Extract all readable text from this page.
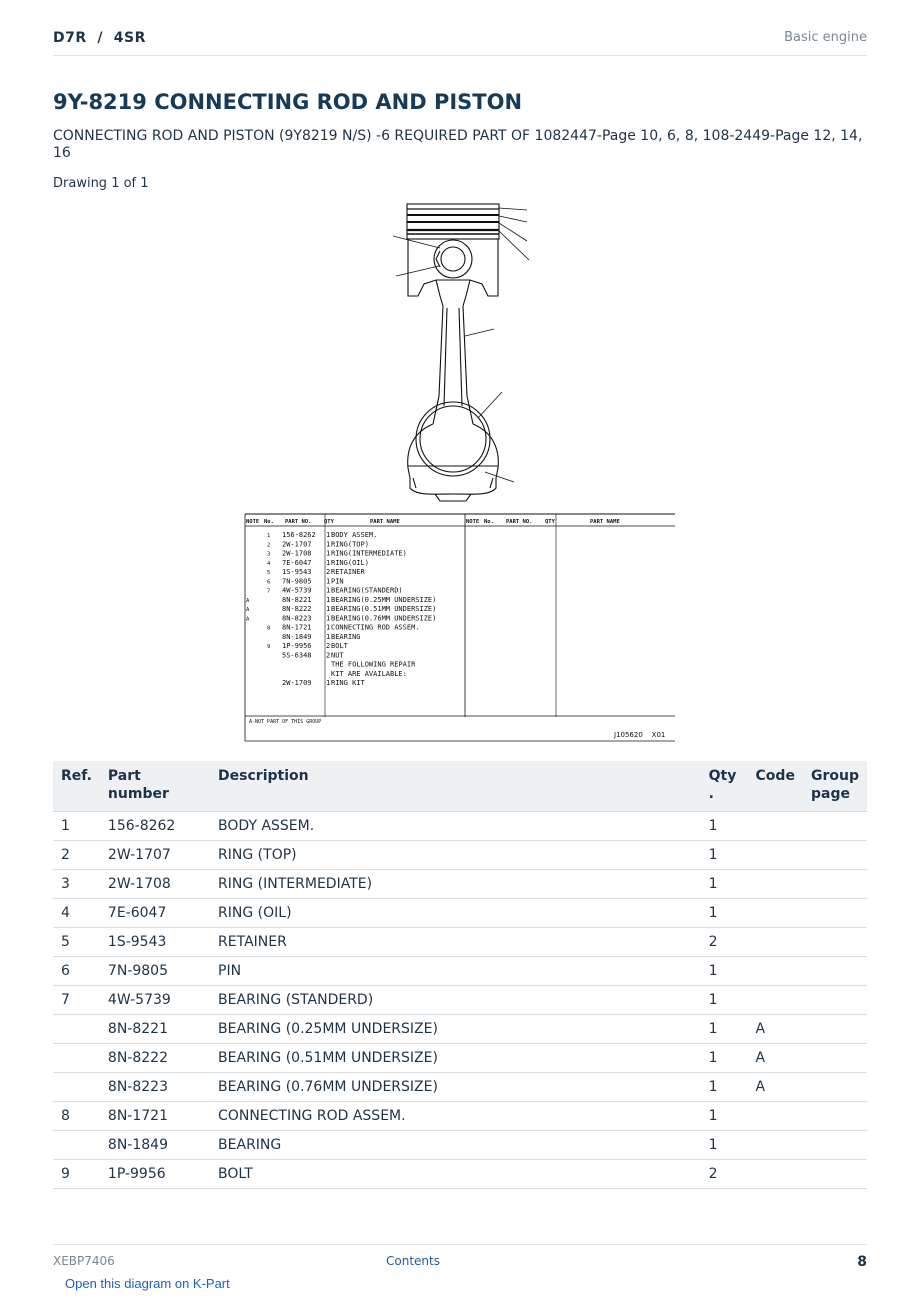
D7R  /  4SR	Basic engine
9Y-8219 CONNECTING ROD AND PISTON

CONNECTING ROD AND PISTON (9Y8219 N/S) -6 REQUIRED PART OF 1082447-Page 10, 6, 8, 108-2449-Page 12, 14, 16

Drawing 1 of 1
NOTE No. PART NO. QTY	PART NAME	NOTE No. PART NO. QTY	PART NAME
1 156-8262 1 BODY ASSEM.
2 2W-1707 1 RING(TOP)
3 2W-1708 1 RING(INTERMEDIATE)
4 7E-6047 1 RING(OIL)
5 1S-9543 2 RETAINER
6 7N-9805 1 PIN
7 4W-5739 1 BEARING(STANDERD)
A	8N-8221 1 BEARING(0.25MM UNDERSIZE)
A	8N-8222 1 BEARING(0.51MM UNDERSIZE)
A	8N-8223 1 BEARING(0.76MM UNDERSIZE)
8 8N-1721 1 CONNECTING ROD ASSEM.
8N-1849 1 BEARING
9 1P-9956 2 BOLT
5S-6348 2 NUT
THE FOLLOWING REPAIR
KIT ARE AVAILABLE:
2W-1709 1 RING KIT
A-NOT PART OF THIS GROUP
J105620    X01
Ref.	Part number	Description	Qty
.	Code	Group
page
1	156-8262	BODY ASSEM.	1		
2	2W-1707	RING (TOP)	1		
3	2W-1708	RING (INTERMEDIATE)	1		
4	7E-6047	RING (OIL)	1		
5	1S-9543	RETAINER	2		
6	7N-9805	PIN	1		
7	4W-5739	BEARING (STANDERD)	1		
	8N-8221	BEARING (0.25MM UNDERSIZE)	1	A	
	8N-8222	BEARING (0.51MM UNDERSIZE)	1	A	
	8N-8223	BEARING (0.76MM UNDERSIZE)	1	A	
8	8N-1721	CONNECTING ROD ASSEM.	1		
	8N-1849	BEARING	1		
9	1P-9956	BOLT	2		
XEBP7406	Contents	8
Open this diagram on K-Part
